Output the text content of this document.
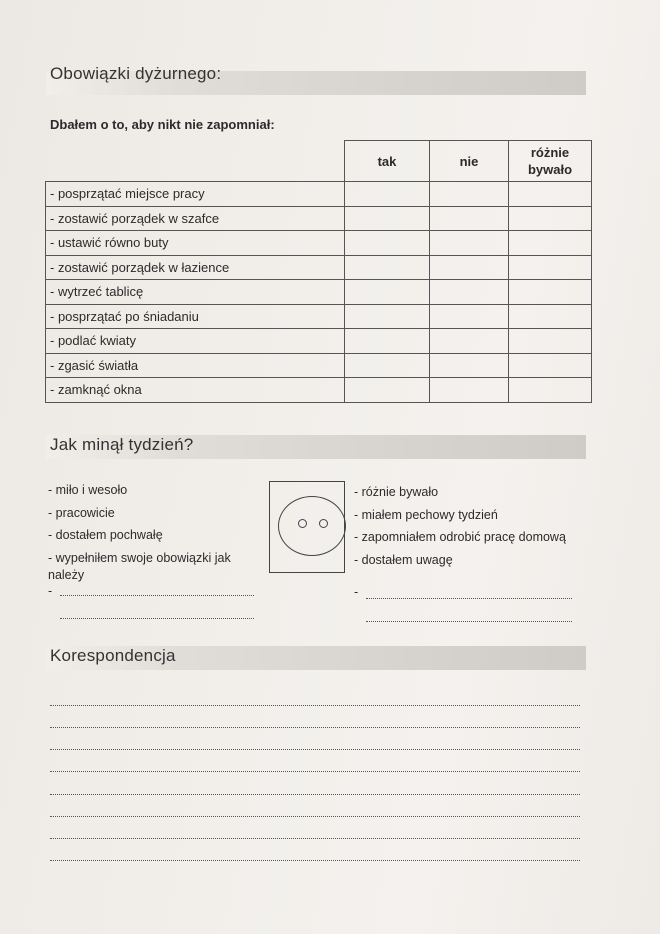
Obowiązki dyżurnego:
Dbałem o to, aby nikt nie zapomniał:
	tak	nie	różnie bywało
- posprzątać miejsce pracy			
- zostawić porządek w szafce			
- ustawić równo buty			
- zostawić porządek w łazience			
- wytrzeć tablicę			
- posprzątać po śniadaniu			
- podlać kwiaty			
- zgasić światła			
- zamknąć okna			
Jak minął tydzień?
- miło i wesoło
- pracowicie
- dostałem pochwałę
- wypełniłem swoje obowiązki jak należy
-
- różnie bywało
- miałem pechowy tydzień
- zapomniałem odrobić pracę domową
- dostałem uwagę
-
Korespondencja
